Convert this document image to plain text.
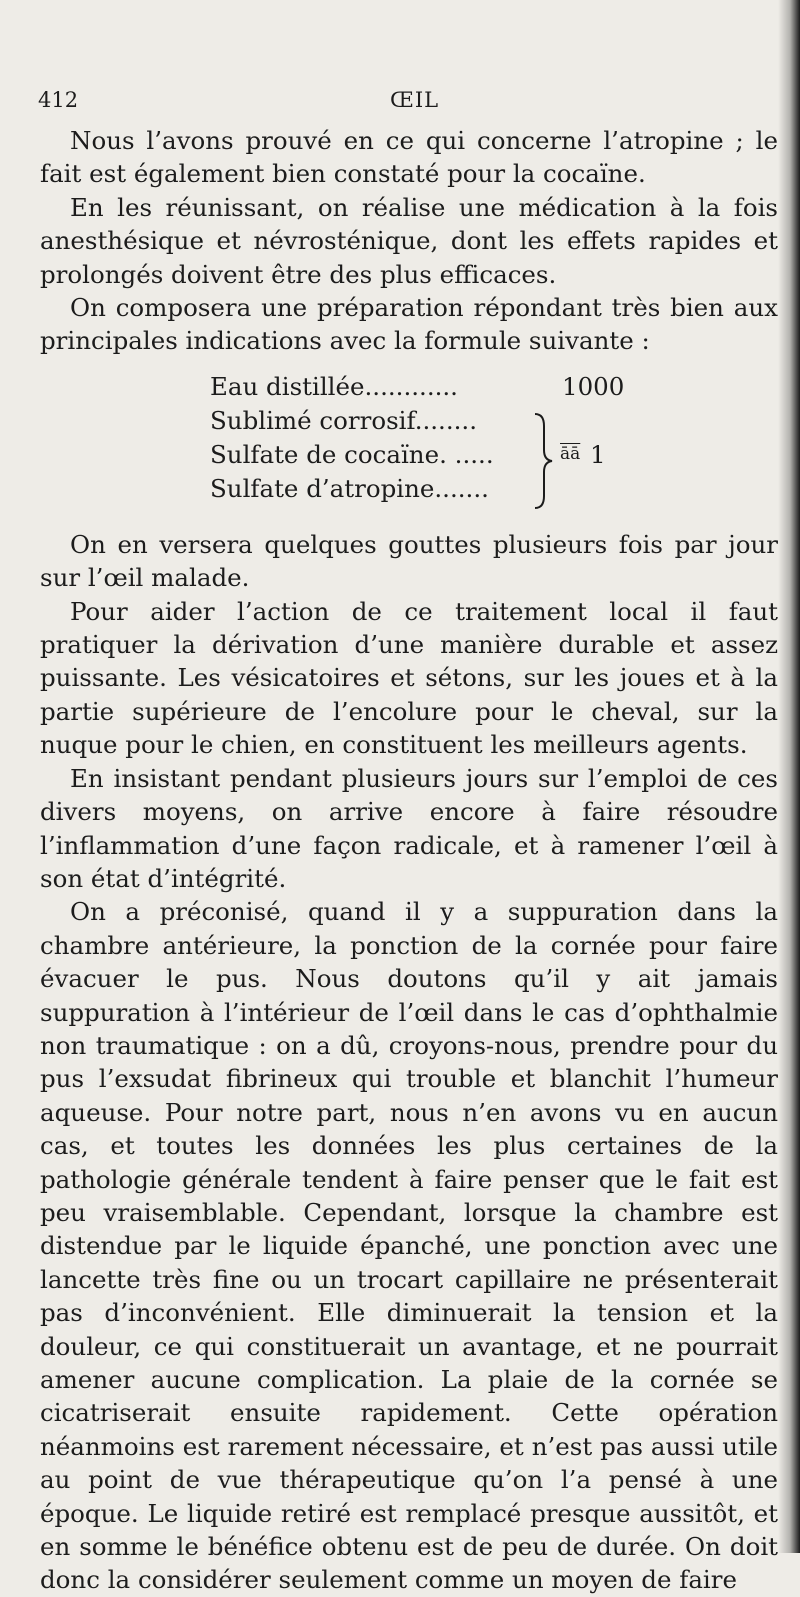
412	ŒIL

Nous l’avons prouvé en ce qui concerne l’atropine ; le fait est également bien constaté pour la cocaïne.

En les réunissant, on réalise une médication à la fois anesthésique et névrosténique, dont les effets rapides et prolongés doivent être des plus efficaces.

On composera une préparation répondant très bien aux principales indications avec la formule suivante :

Eau distillée............	1000
Sublimé corrosif........
Sulfate de cocaïne. .....
Sulfate d’atropine.......
$\overline{āā}$ 1

On en versera quelques gouttes plusieurs fois par jour sur l’œil malade.

Pour aider l’action de ce traitement local il faut pratiquer la dérivation d’une manière durable et assez puissante. Les vésicatoires et sétons, sur les joues et à la partie supérieure de l’encolure pour le cheval, sur la nuque pour le chien, en constituent les meilleurs agents.

En insistant pendant plusieurs jours sur l’emploi de ces divers moyens, on arrive encore à faire résoudre l’inflammation d’une façon radicale, et à ramener l’œil à son état d’intégrité.

On a préconisé, quand il y a suppuration dans la chambre antérieure, la ponction de la cornée pour faire évacuer le pus. Nous doutons qu’il y ait jamais suppuration à l’intérieur de l’œil dans le cas d’ophthalmie non traumatique : on a dû, croyons-nous, prendre pour du pus l’exsudat fibrineux qui trouble et blanchit l’humeur aqueuse. Pour notre part, nous n’en avons vu en aucun cas, et toutes les données les plus certaines de la pathologie générale tendent à faire penser que le fait est peu vraisemblable. Cependant, lorsque la chambre est distendue par le liquide épanché, une ponction avec une lancette très fine ou un trocart capillaire ne présenterait pas d’inconvénient. Elle diminuerait la tension et la douleur, ce qui constituerait un avantage, et ne pourrait amener aucune complication. La plaie de la cornée se cicatriserait ensuite rapidement. Cette opération néanmoins est rarement nécessaire, et n’est pas aussi utile au point de vue thérapeutique qu’on l’a pensé à une époque. Le liquide retiré est remplacé presque aussitôt, et en somme le bénéfice obtenu est de peu de durée. On doit donc la considérer seulement comme un moyen de faire
